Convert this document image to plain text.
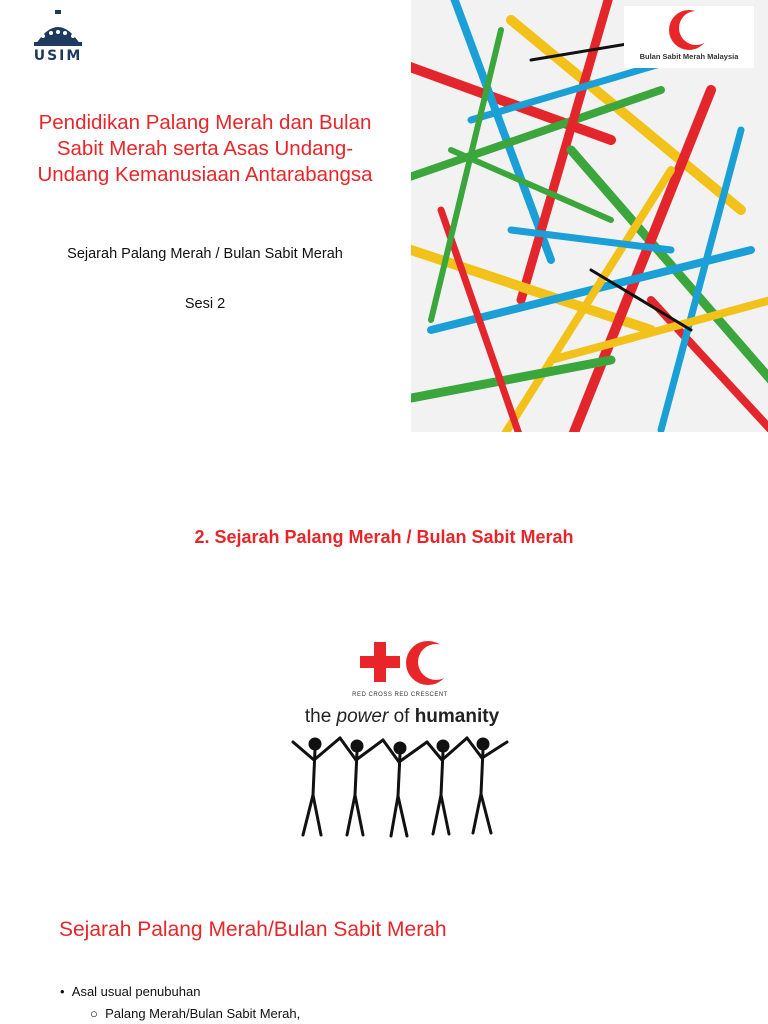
USIM
Pendidikan Palang Merah dan Bulan Sabit Merah serta Asas Undang-Undang Kemanusiaan Antarabangsa
Sejarah Palang Merah / Bulan Sabit Merah
Sesi 2
Bulan Sabit Merah Malaysia
2. Sejarah Palang Merah / Bulan Sabit Merah
RED CROSS RED CRESCENT
the power of humanity
Sejarah Palang Merah/Bulan Sabit Merah
•  Asal usual penubuhan
○  Palang Merah/Bulan Sabit Merah,
